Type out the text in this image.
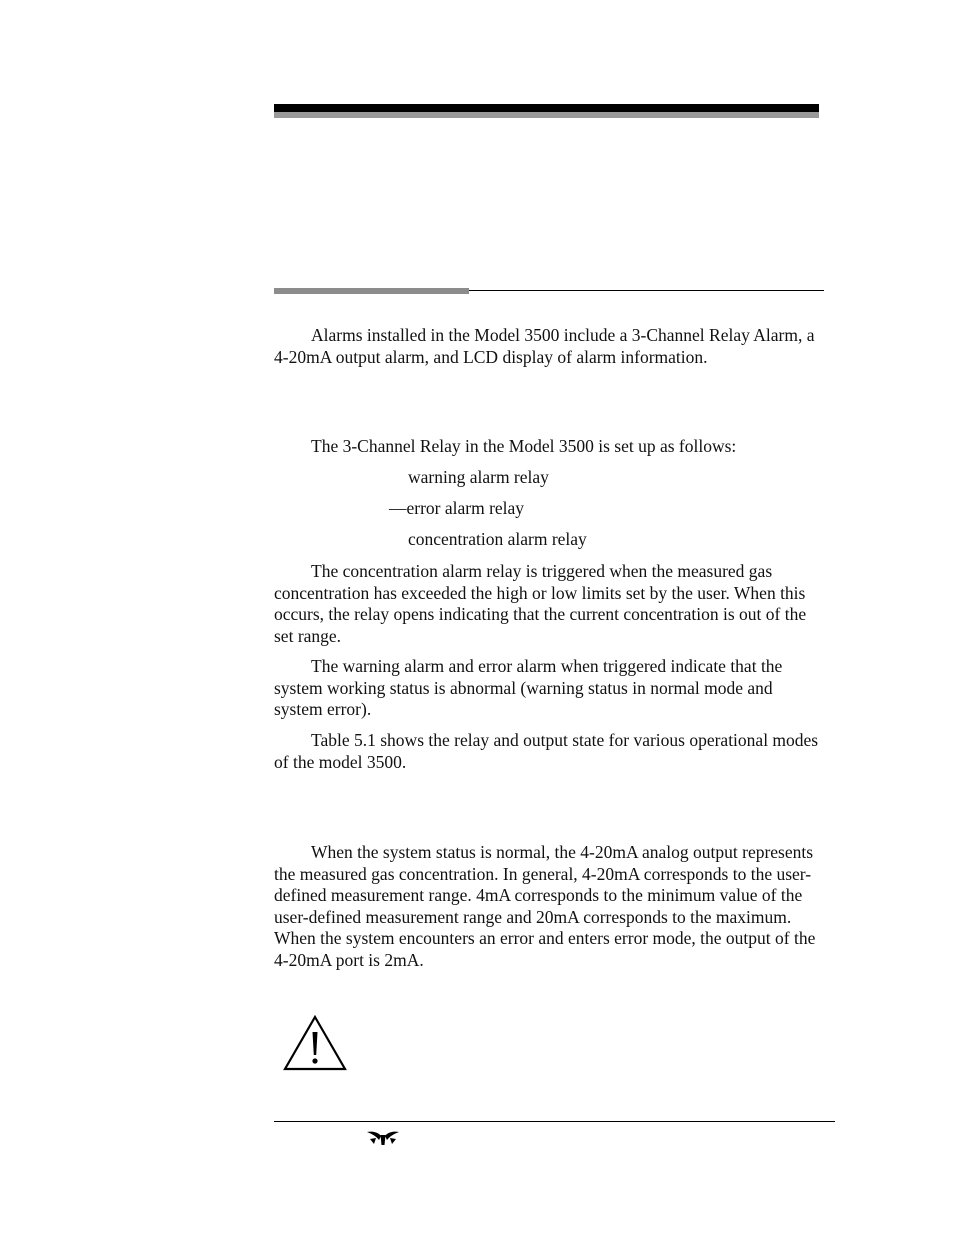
Alarms installed in the Model 3500 include a 3-Channel Relay Alarm, a 4-20mA output alarm, and LCD display of alarm information.

The 3-Channel Relay in the Model 3500 is set up as follows:

warning alarm relay

—error alarm relay

concentration alarm relay

The concentration alarm relay is triggered when the measured gas concentration has exceeded the high or low limits set by the user. When this occurs, the relay opens indicating that the current concentration is out of the set range.

The warning alarm and error alarm when triggered indicate that the system working status is abnormal (warning status in normal mode and system error).

Table 5.1 shows the relay and output state for various operational modes of the model 3500.

When the system status is normal, the 4-20mA analog output represents the measured gas concentration. In general, 4-20mA corresponds to the user-defined measurement range. 4mA corresponds to the minimum value of the user-defined measurement range and 20mA corresponds to the maximum. When the system encounters an error and enters error mode, the output of the 4-20mA port is 2mA.
